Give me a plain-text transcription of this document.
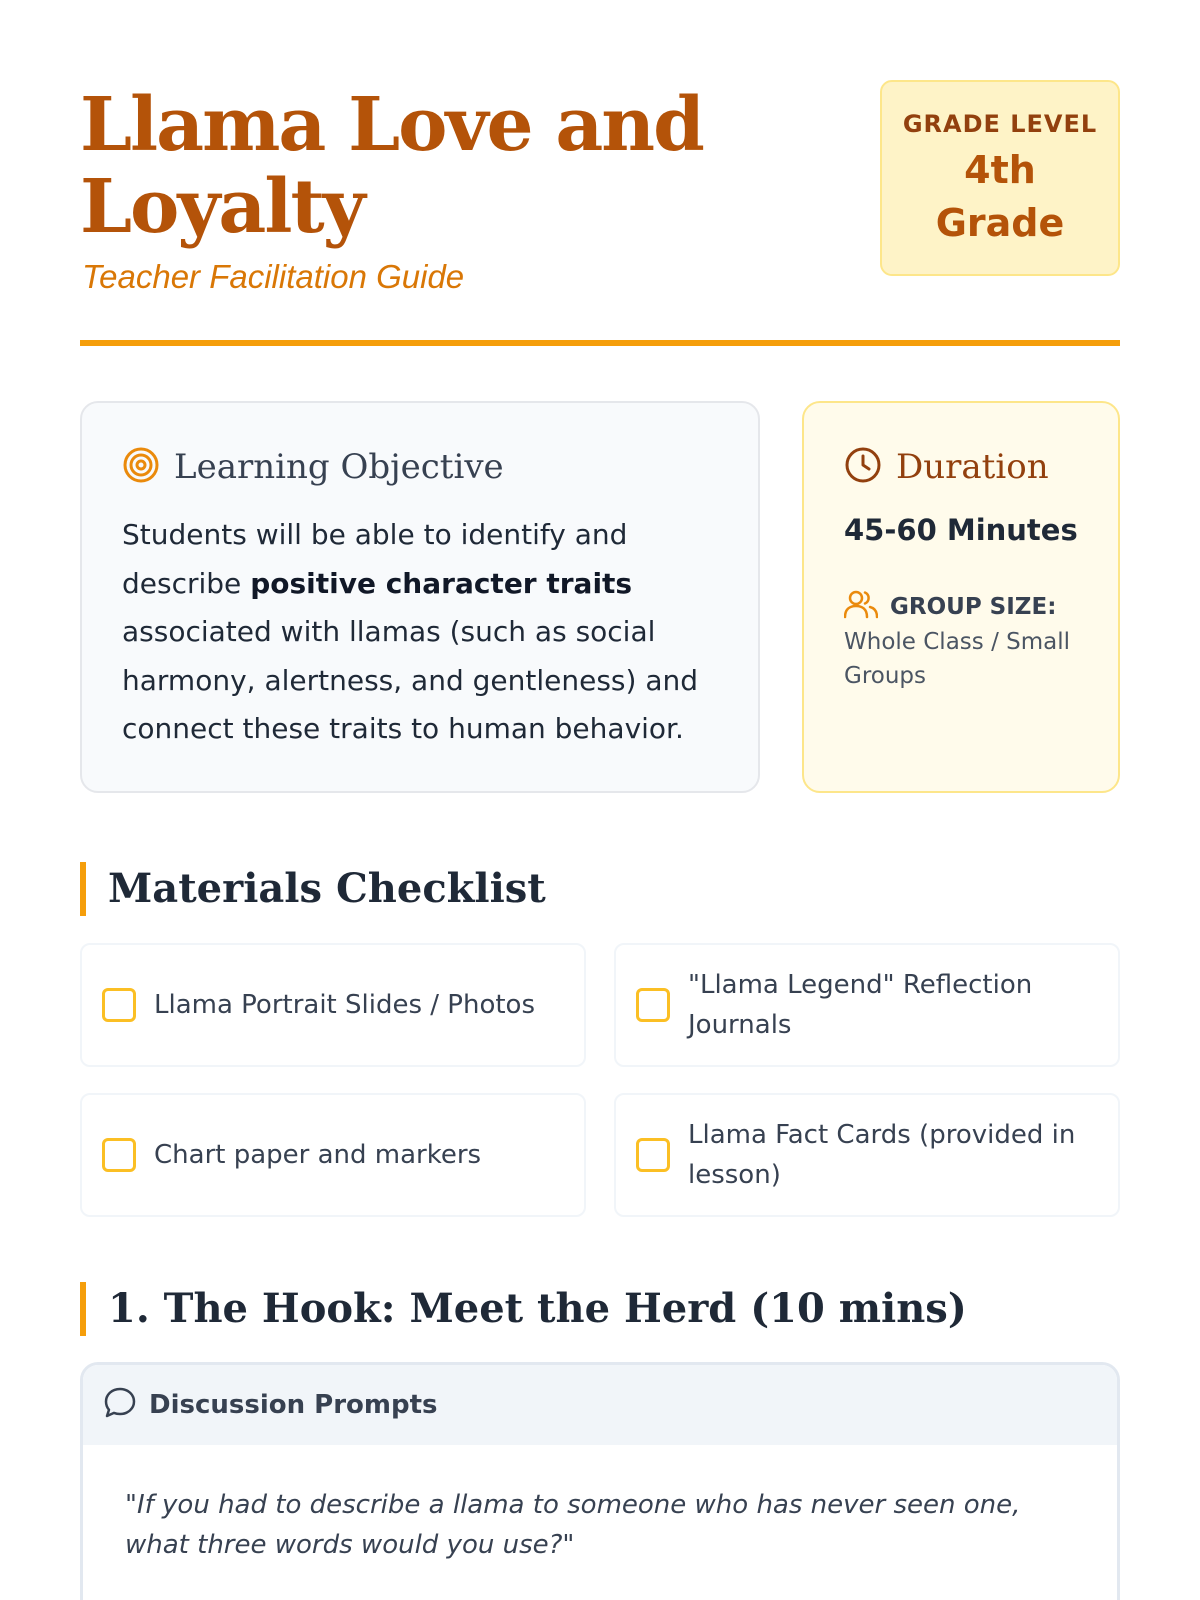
Llama Love and Loyalty
Teacher Facilitation Guide
GRADE LEVEL
4th Grade
Learning Objective

Students will be able to identify and describe positive character traits associated with llamas (such as social harmony, alertness, and gentleness) and connect these traits to human behavior.

Duration
45-60 Minutes
GROUP SIZE:
Whole Class / Small Groups
Materials Checklist
Llama Portrait Slides / Photos
"Llama Legend" Reflection Journals
Chart paper and markers
Llama Fact Cards (provided in lesson)
1. The Hook: Meet the Herd (10 mins)
Discussion Prompts

"If you had to describe a llama to someone who has never seen one, what three words would you use?"
